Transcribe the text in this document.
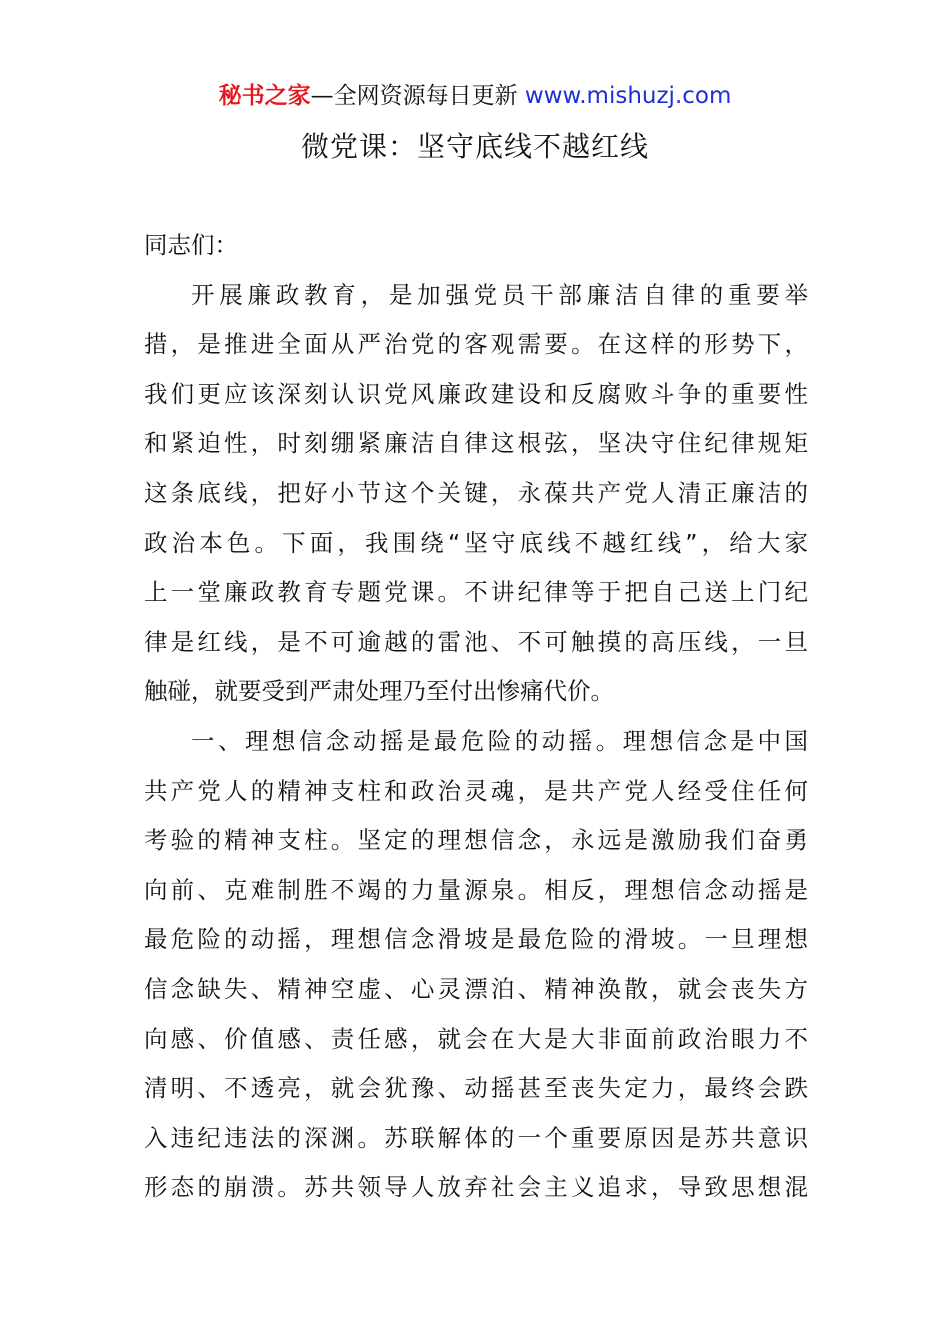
秘书之家—全网资源每日更新 www.mishuzj.com
微党课：坚守底线不越红线
同志们：
开展廉政教育，是加强党员干部廉洁自律的重要举
措，是推进全面从严治党的客观需要。在这样的形势下，
我们更应该深刻认识党风廉政建设和反腐败斗争的重要性
和紧迫性，时刻绷紧廉洁自律这根弦，坚决守住纪律规矩
这条底线，把好小节这个关键，永葆共产党人清正廉洁的
政治本色。下面，我围绕“坚守底线不越红线”，给大家
上一堂廉政教育专题党课。不讲纪律等于把自己送上门纪
律是红线，是不可逾越的雷池、不可触摸的高压线，一旦
触碰，就要受到严肃处理乃至付出惨痛代价。
一、理想信念动摇是最危险的动摇。理想信念是中国
共产党人的精神支柱和政治灵魂，是共产党人经受住任何
考验的精神支柱。坚定的理想信念，永远是激励我们奋勇
向前、克难制胜不竭的力量源泉。相反，理想信念动摇是
最危险的动摇，理想信念滑坡是最危险的滑坡。一旦理想
信念缺失、精神空虚、心灵漂泊、精神涣散，就会丧失方
向感、价值感、责任感，就会在大是大非面前政治眼力不
清明、不透亮，就会犹豫、动摇甚至丧失定力，最终会跌
入违纪违法的深渊。苏联解体的一个重要原因是苏共意识
形态的崩溃。苏共领导人放弃社会主义追求，导致思想混
